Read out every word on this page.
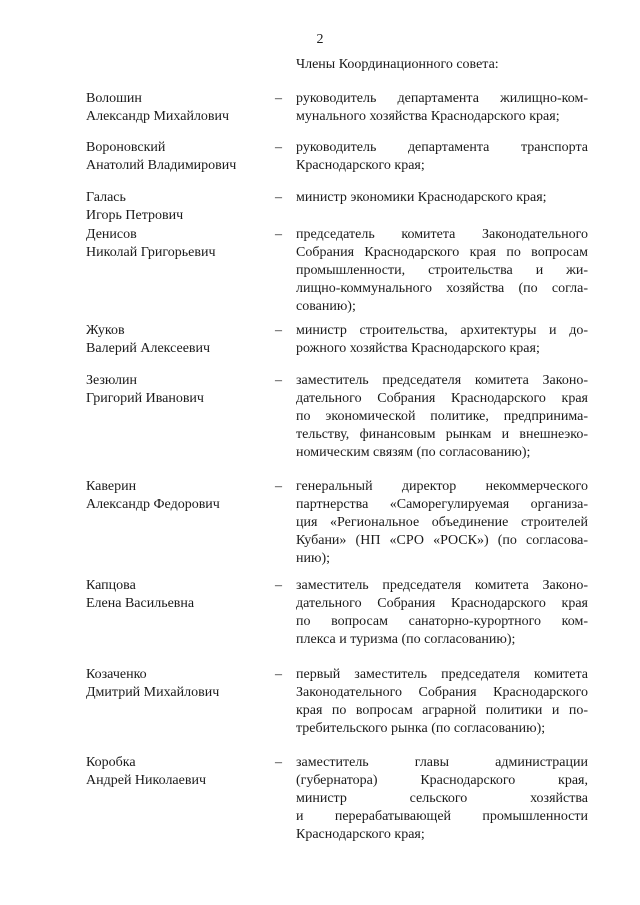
2
Члены Координационного совета:
Волошин
Александр Михайлович
– руководитель департамента жилищно-ком-
мунального хозяйства Краснодарского края;
Вороновский
Анатолий Владимирович
– руководитель департамента транспорта
Краснодарского края;
Галась
Игорь Петрович
– министр экономики Краснодарского края;
Денисов
Николай Григорьевич
– председатель комитета Законодательного
Собрания Краснодарского края по вопросам
промышленности, строительства и жи-
лищно-коммунального хозяйства (по согла-
сованию);
Жуков
Валерий Алексеевич
– министр строительства, архитектуры и до-
рожного хозяйства Краснодарского края;
Зезюлин
Григорий Иванович
– заместитель председателя комитета Законо-
дательного Собрания Краснодарского края
по экономической политике, предпринима-
тельству, финансовым рынкам и внешнеэко-
номическим связям (по согласованию);
Каверин
Александр Федорович
– генеральный директор некоммерческого
партнерства «Саморегулируемая организа-
ция «Региональное объединение строителей
Кубани» (НП «СРО «РОСК») (по согласова-
нию);
Капцова
Елена Васильевна
– заместитель председателя комитета Законо-
дательного Собрания Краснодарского края
по вопросам санаторно-курортного ком-
плекса и туризма (по согласованию);
Козаченко
Дмитрий Михайлович
– первый заместитель председателя комитета
Законодательного Собрания Краснодарского
края по вопросам аграрной политики и по-
требительского рынка (по согласованию);
Коробка
Андрей Николаевич
– заместитель главы администрации
(губернатора) Краснодарского края,
министр сельского хозяйства
и перерабатывающей промышленности
Краснодарского края;
